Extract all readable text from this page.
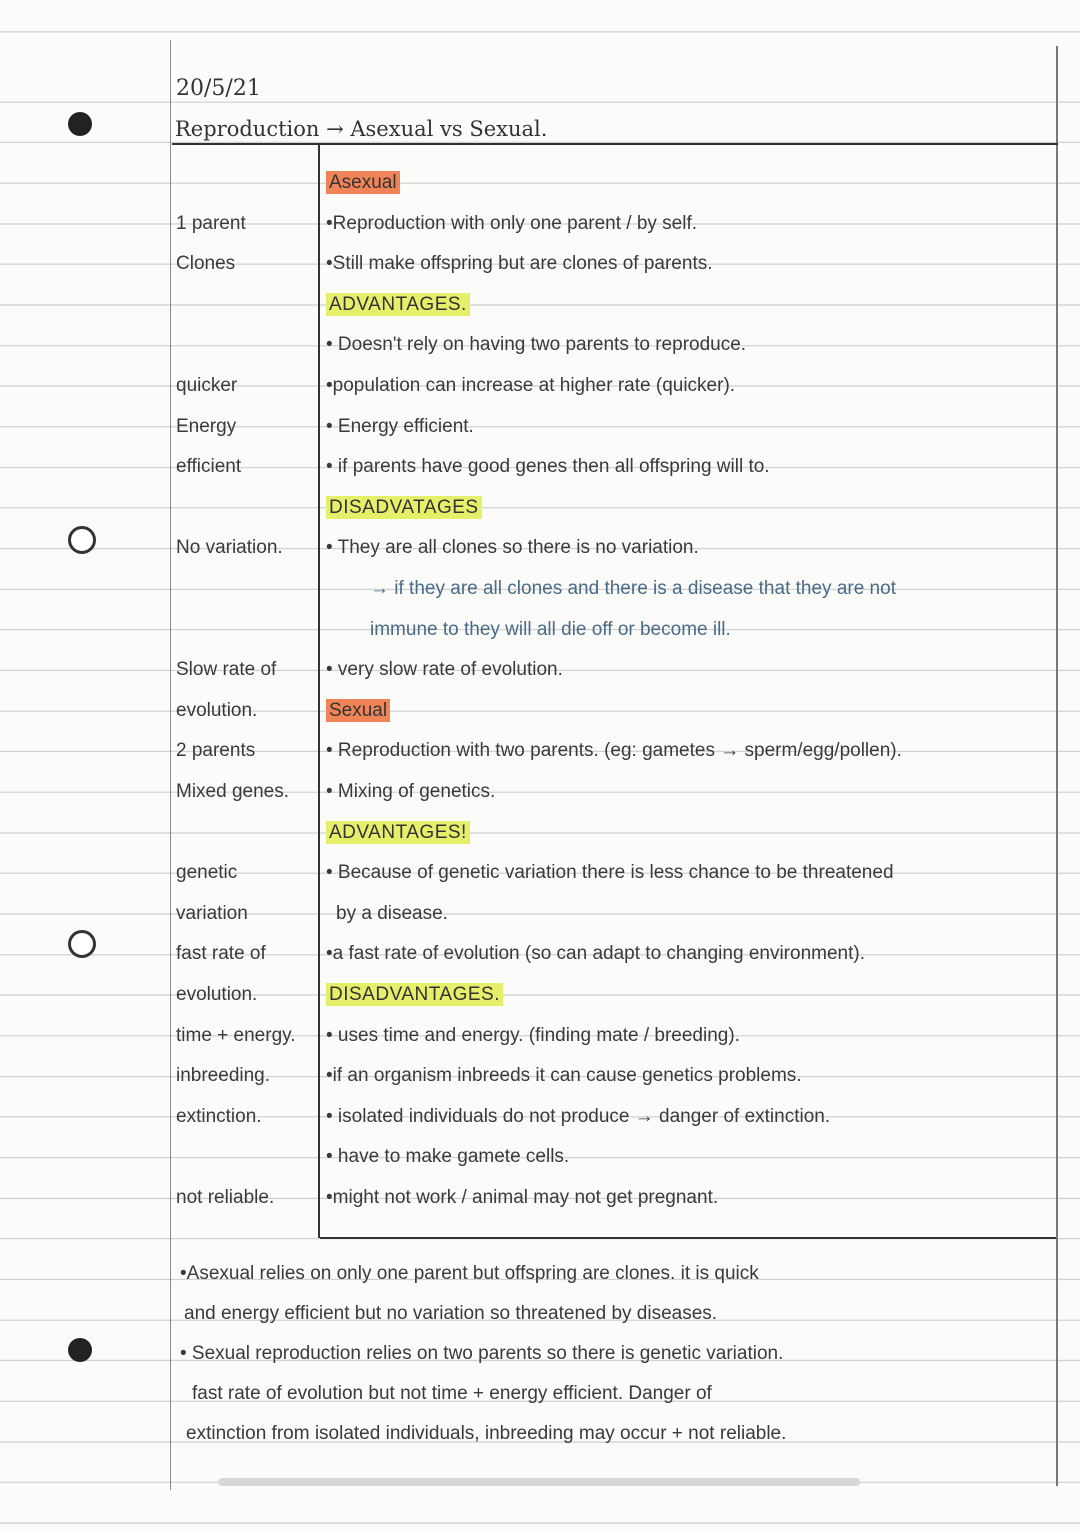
20/5/21
Reproduction → Asexual vs Sexual.
Asexual
1 parent	•Reproduction with only one parent / by self.
Clones	•Still make offspring but are clones of parents.
ADVANTAGES.
• Doesn't rely on having two parents to reproduce.
quicker	•population can increase at higher rate (quicker).
Energy	• Energy efficient.
efficient	• if parents have good genes then all offspring will to.
DISADVATAGES
No variation. • They are all clones so there is no variation.
→ if they are all clones and there is a disease that they are not
immune to they will all die off or become ill.
Slow rate of	• very slow rate of evolution.
evolution.	Sexual
2 parents	• Reproduction with two parents. (eg: gametes → sperm/egg/pollen).
Mixed genes. • Mixing of genetics.
ADVANTAGES!
genetic	• Because of genetic variation there is less chance to be threatened
variation	by a disease.
fast rate of	•a fast rate of evolution (so can adapt to changing environment).
evolution.	DISADVANTAGES.
time + energy. • uses time and energy. (finding mate / breeding).
inbreeding.	•if an organism inbreeds it can cause genetics problems.
extinction.	• isolated individuals do not produce → danger of extinction.
• have to make gamete cells.
not reliable.	•might not work / animal may not get pregnant.
•Asexual relies on only one parent but offspring are clones. it is quick
and energy efficient but no variation so threatened by diseases.
• Sexual reproduction relies on two parents so there is genetic variation.
fast rate of evolution but not time + energy efficient. Danger of
extinction from isolated individuals, inbreeding may occur + not reliable.
